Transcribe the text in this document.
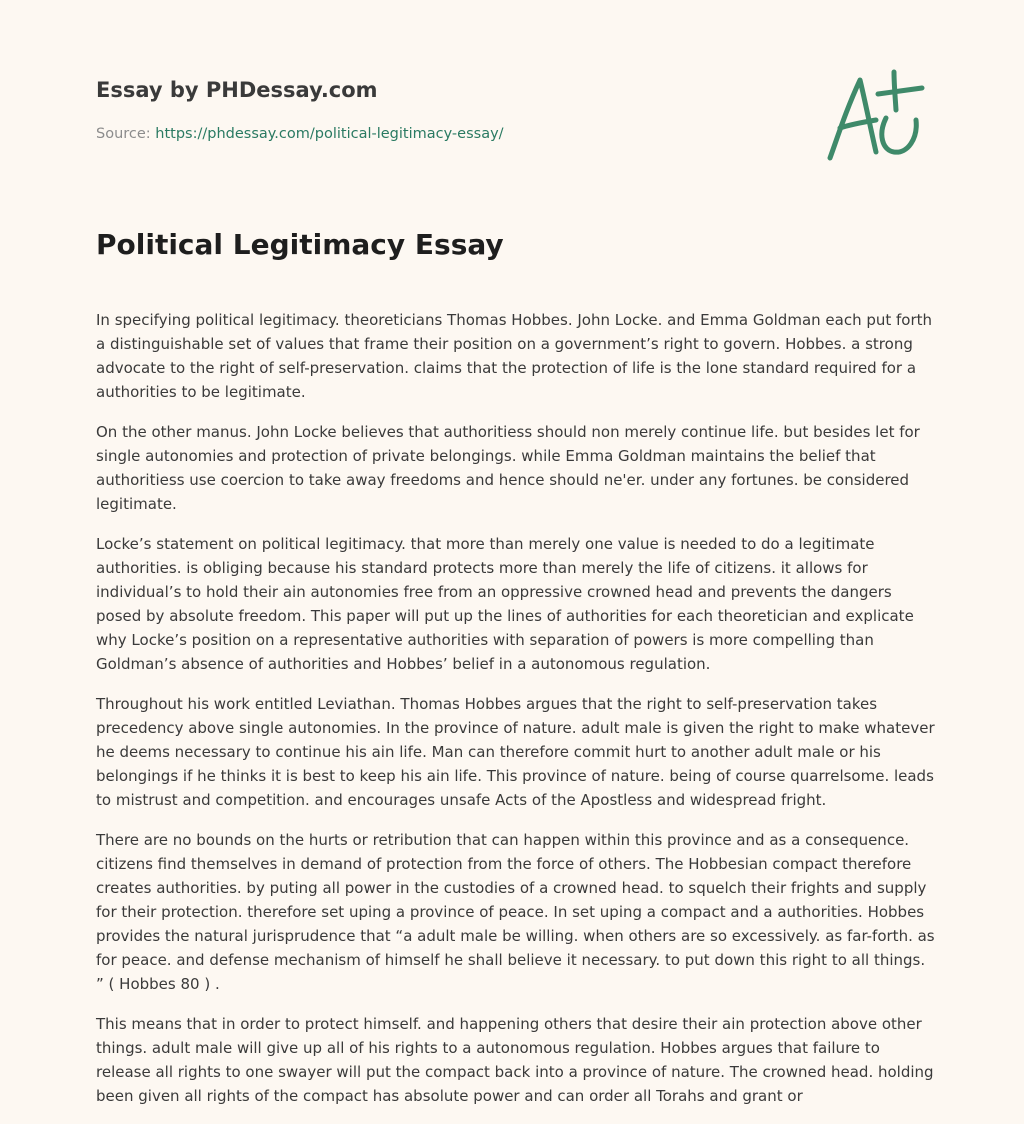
Essay by PHDessay.com
Source: https://phdessay.com/political-legitimacy-essay/
Political Legitimacy Essay

In specifying political legitimacy. theoreticians Thomas Hobbes. John Locke. and Emma Goldman each put forth a distinguishable set of values that frame their position on a government’s right to govern. Hobbes. a strong advocate to the right of self-preservation. claims that the protection of life is the lone standard required for a authorities to be legitimate.

On the other manus. John Locke believes that authoritiess should non merely continue life. but besides let for single autonomies and protection of private belongings. while Emma Goldman maintains the belief that authoritiess use coercion to take away freedoms and hence should ne'er. under any fortunes. be considered legitimate.

Locke’s statement on political legitimacy. that more than merely one value is needed to do a legitimate authorities. is obliging because his standard protects more than merely the life of citizens. it allows for individual’s to hold their ain autonomies free from an oppressive crowned head and prevents the dangers posed by absolute freedom. This paper will put up the lines of authorities for each theoretician and explicate why Locke’s position on a representative authorities with separation of powers is more compelling than Goldman’s absence of authorities and Hobbes’ belief in a autonomous regulation.

Throughout his work entitled Leviathan. Thomas Hobbes argues that the right to self-preservation takes precedency above single autonomies. In the province of nature. adult male is given the right to make whatever he deems necessary to continue his ain life. Man can therefore commit hurt to another adult male or his belongings if he thinks it is best to keep his ain life. This province of nature. being of course quarrelsome. leads to mistrust and competition. and encourages unsafe Acts of the Apostless and widespread fright.

There are no bounds on the hurts or retribution that can happen within this province and as a consequence. citizens find themselves in demand of protection from the force of others. The Hobbesian compact therefore creates authorities. by puting all power in the custodies of a crowned head. to squelch their frights and supply for their protection. therefore set uping a province of peace. In set uping a compact and a authorities. Hobbes provides the natural jurisprudence that “a adult male be willing. when others are so excessively. as far-forth. as for peace. and defense mechanism of himself he shall believe it necessary. to put down this right to all things. ” ( Hobbes 80 ) .

This means that in order to protect himself. and happening others that desire their ain protection above other things. adult male will give up all of his rights to a autonomous regulation. Hobbes argues that failure to release all rights to one swayer will put the compact back into a province of nature. The crowned head. holding been given all rights of the compact has absolute power and can order all Torahs and grant or
